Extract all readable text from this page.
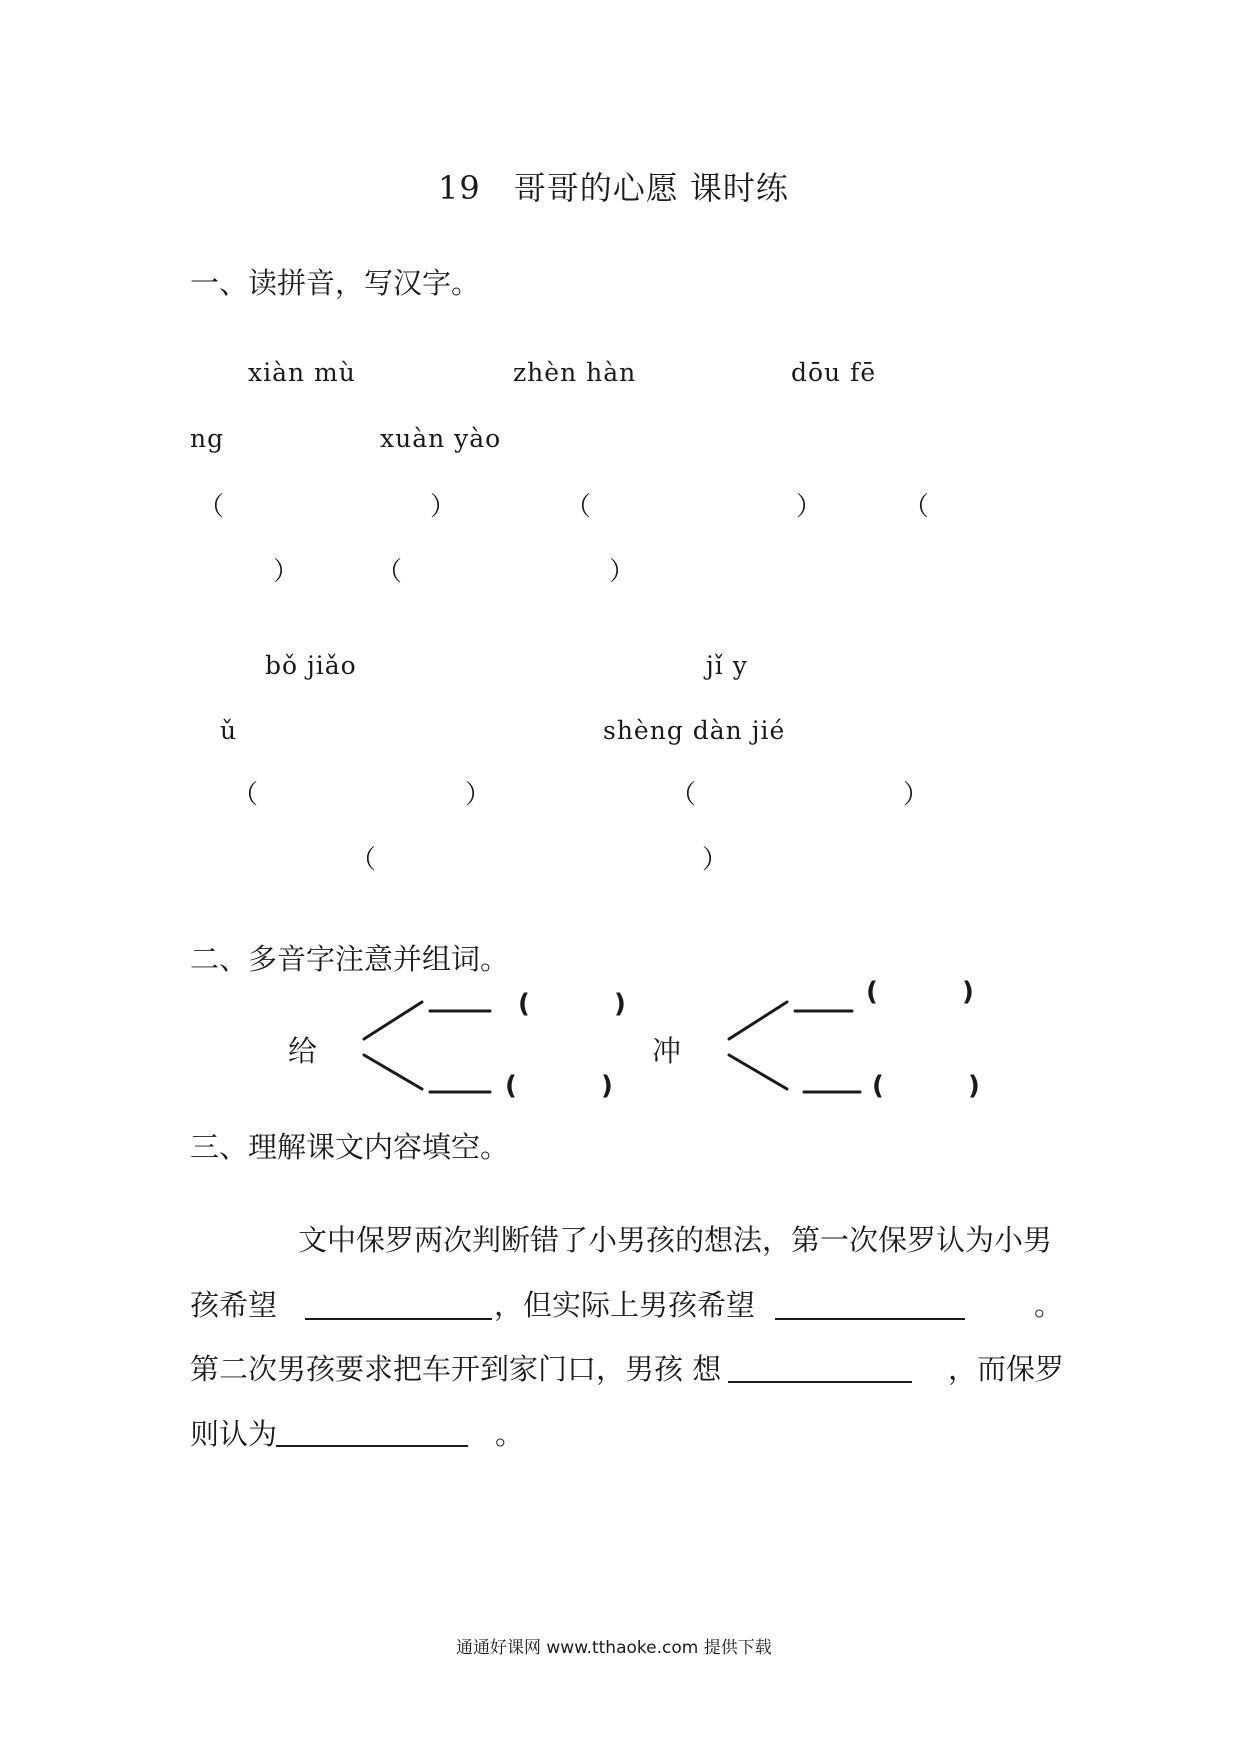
19　哥哥的心愿 课时练
一、读拼音，写汉字。
xiàn mù	zhèn hàn	dōu fē
ng	xuàn yào
（	）	（	）	（
）	（	）
bǒ jiǎo	jǐ y
ǔ	shèng dàn jié
（	）	（	）
（	）
二、多音字注意并组词。
给	冲
(	)
(	)
(	)
(	)
三、理解课文内容填空。
文中保罗两次判断错了小男孩的想法，第一次保罗认为小男
孩希望	，但实际上男孩希望	。
第二次男孩要求把车开到家门口，男孩 想	，而保罗
则认为	。
通通好课网 www.tthaoke.com 提供下载
